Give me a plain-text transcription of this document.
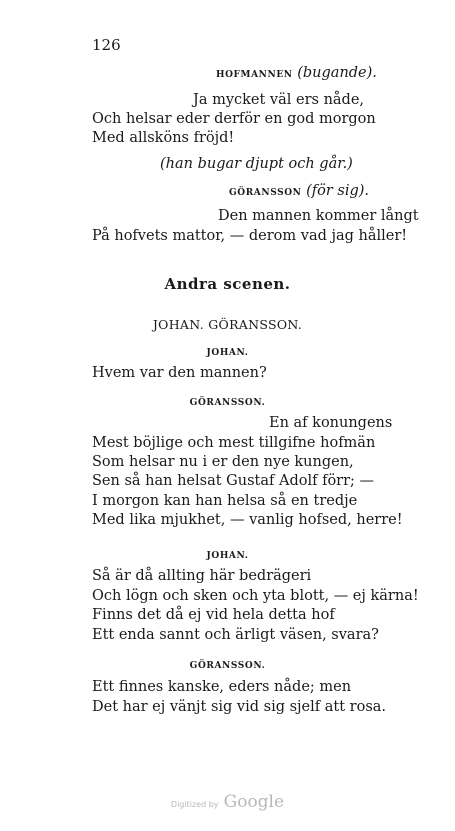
126
HOFMANNEN (bugande).
Ja mycket väl ers nåde,
Och helsar eder derför en god morgon
Med allsköns fröjd!
(han bugar djupt och går.)
GÖRANSSON (för sig).
Den mannen kommer långt
På hofvets mattor, — derom vad jag håller!
Andra scenen.
JOHAN. GÖRANSSON.
JOHAN.
Hvem var den mannen?
GÖRANSSON.
En af konungens
Mest böjlige och mest tillgifne hofmän
Som helsar nu i er den nye kungen,
Sen så han helsat Gustaf Adolf förr; —
I morgon kan han helsa så en tredje
Med lika mjukhet, — vanlig hofsed, herre!
JOHAN.
Så är då allting här bedrägeri
Och lögn och sken och yta blott, — ej kärna!
Finns det då ej vid hela detta hof
Ett enda sannt och ärligt väsen, svara?
GÖRANSSON.
Ett finnes kanske, eders nåde; men
Det har ej vänjt sig vid sig sjelf att rosa.
Digitized by Google
